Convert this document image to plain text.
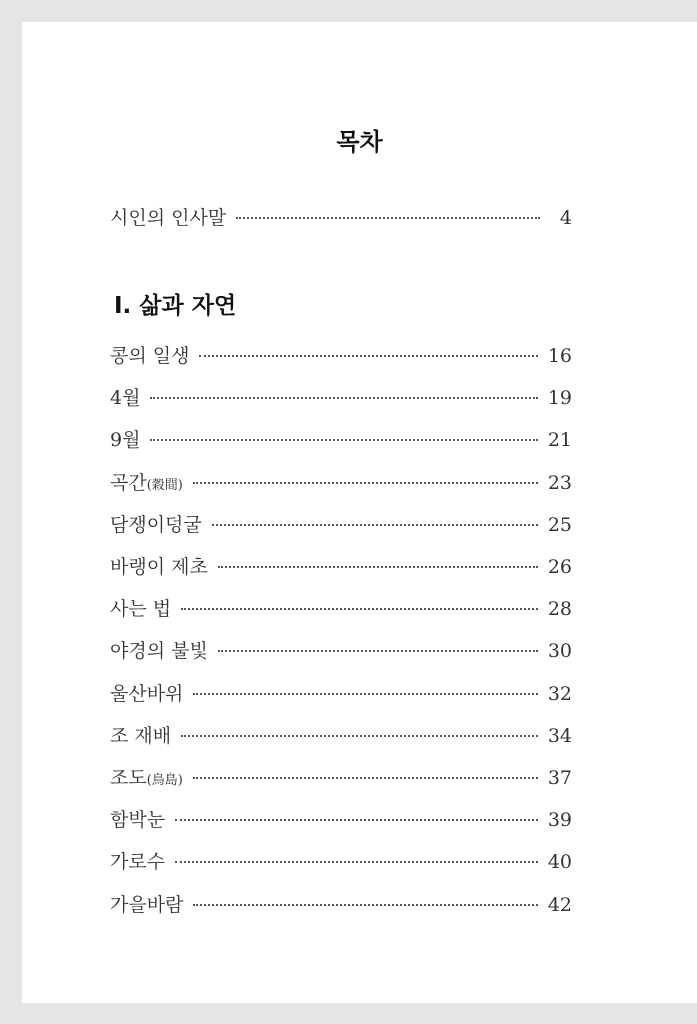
목차
시인의 인사말	4
Ⅰ. 삶과 자연
콩의 일생	16
4월	19
9월	21
곡간(穀間)	23
담쟁이덩굴	25
바랭이 제초	26
사는 법	28
야경의 불빛	30
울산바위	32
조 재배	34
조도(鳥島)	37
함박눈	39
가로수	40
가을바람	42
